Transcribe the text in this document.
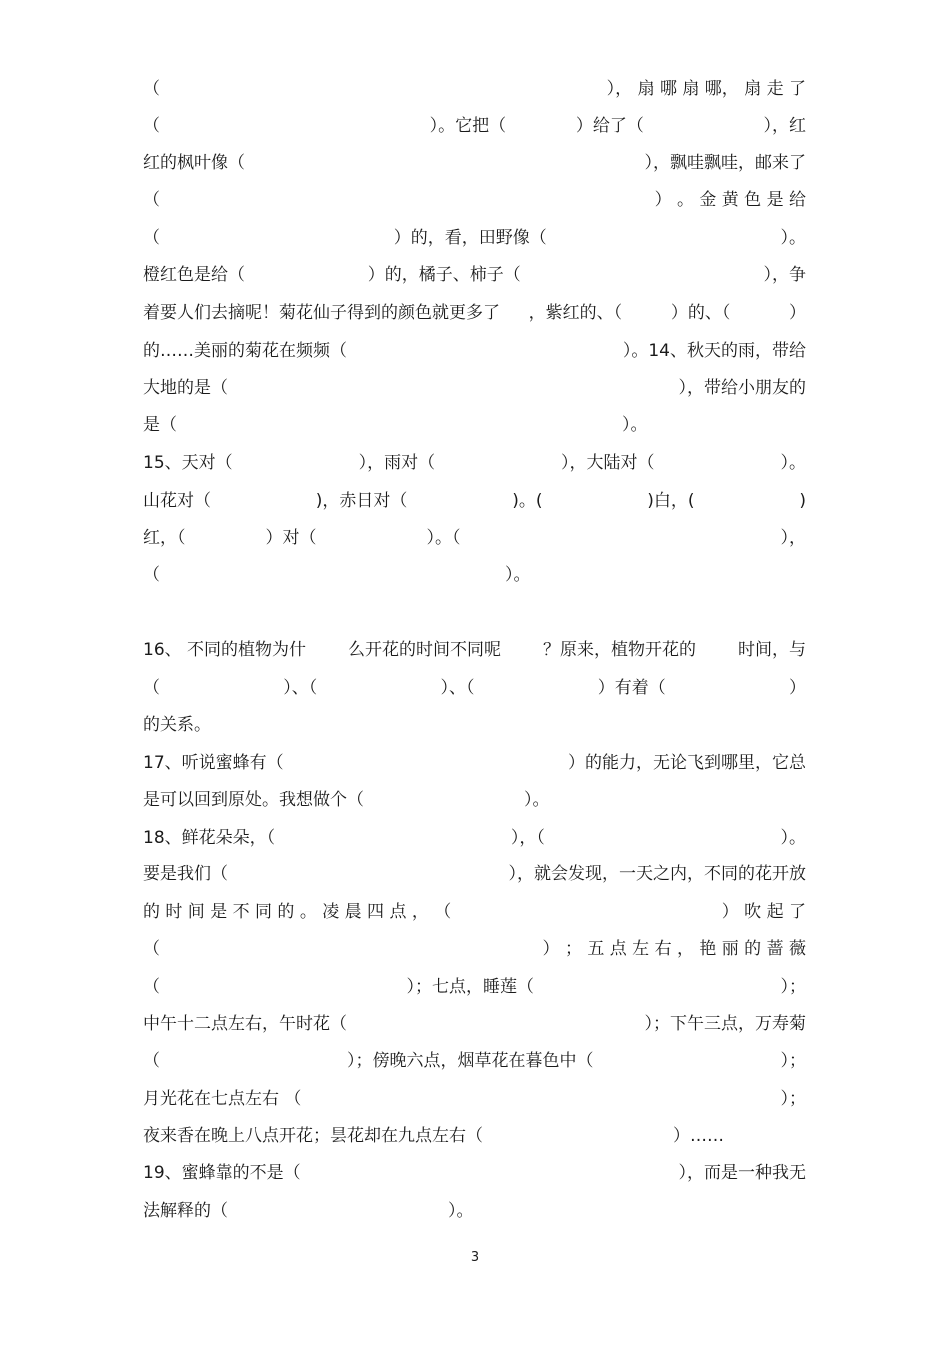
（	）， 扇 哪 扇 哪， 扇 走 了
（	）。它把（	）给了（	），红
红的枫叶像（	），飘哇飘哇，邮来了
（	） 。 金 黄 色 是 给
（	）的，看，田野像（	）。
橙红色是给（	）的，橘子、柿子（	），争
着要人们去摘呢！菊花仙子得到的颜色就更多了 ，紫红的、（	）的、（	）
的……美丽的菊花在频频（	）。14、秋天的雨，带给
大地的是（	），带给小朋友的
是（	）。
15、天对（	），雨对（	），大陆对（	）。
山花对（	)，赤日对（	)。(	)白，(	)
红，（	）对（	）。（	），
（	）。
16、 不同的植物为什 么开花的时间不同呢 ？原来，植物开花的 时间，与
（	）、（	）、（	）有着（	）
的关系。
17、听说蜜蜂有（	）的能力，无论飞到哪里，它总
是可以回到原处。我想做个（	）。
18、鲜花朵朵，（	），（	）。
要是我们（	），就会发现，一天之内，不同的花开放
的 时 间 是 不 同 的 。 凌 晨 四 点 ， （	） 吹 起 了
（	） ； 五 点 左 右 ， 艳 丽 的 蔷 薇
（	）；七点，睡莲（	）；
中午十二点左右，午时花（	）；下午三点，万寿菊
（	）；傍晚六点，烟草花在暮色中（	）；
月光花在七点左右 （	）；
夜来香在晚上八点开花；昙花却在九点左右（	）……
19、蜜蜂靠的不是（	），而是一种我无
法解释的（	）。
3
